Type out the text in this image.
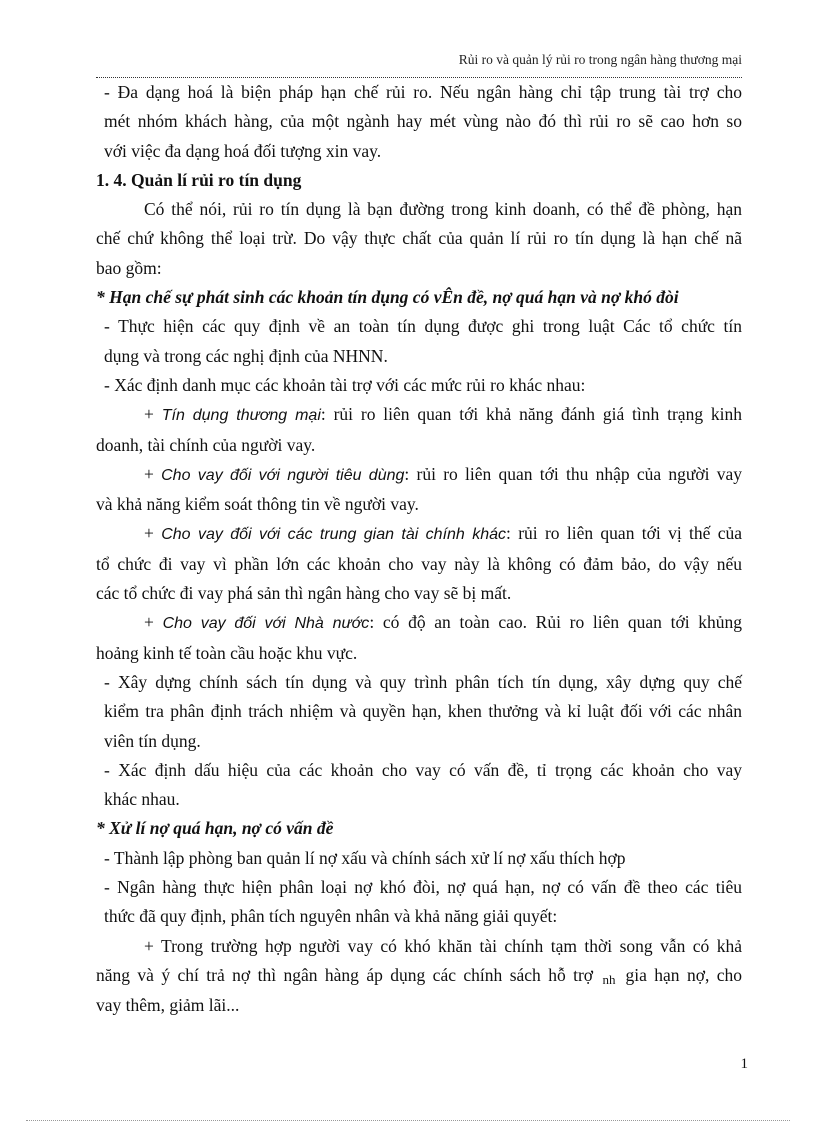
Rủi ro và quản lý rủi ro trong ngân hàng thương mại

- Đa dạng hoá là biện pháp hạn chế rủi ro. Nếu ngân hàng chỉ tập trung tài trợ cho
mét nhóm khách hàng, của một ngành hay mét vùng nào đó thì rủi ro sẽ cao hơn so
với việc đa dạng hoá đối tượng xin vay.

1. 4. Quản lí rủi ro tín dụng

Có thể nói, rủi ro tín dụng là bạn đường trong kinh doanh, có thể đề phòng, hạn
chế chứ không thể loại trừ. Do vậy thực chất của quản lí rủi ro tín dụng là hạn chế nã
bao gồm:

* Hạn chế sự phát sinh các khoản tín dụng có vÊn đề, nợ quá hạn và nợ khó đòi

- Thực hiện các quy định về an toàn tín dụng được ghi trong luật Các tổ chức tín
dụng và trong các nghị định của NHNN.

- Xác định danh mục các khoản tài trợ với các mức rủi ro khác nhau:

+ Tín dụng thương mại: rủi ro liên quan tới khả năng đánh giá tình trạng kinh
doanh, tài chính của người vay.

+ Cho vay đối với người tiêu dùng: rủi ro liên quan tới thu nhập của người vay
và khả năng kiểm soát thông tin về người vay.

+ Cho vay đối với các trung gian tài chính khác: rủi ro liên quan tới vị thế của
tổ chức đi vay vì phần lớn các khoản cho vay này là không có đảm bảo, do vậy nếu
các tổ chức đi vay phá sản thì ngân hàng cho vay sẽ bị mất.

+ Cho vay đối với Nhà nước: có độ an toàn cao. Rủi ro liên quan tới khủng
hoảng kinh tế toàn cầu hoặc khu vực.

- Xây dựng chính sách tín dụng và quy trình phân tích tín dụng, xây dựng quy chế
kiểm tra phân định trách nhiệm và quyền hạn, khen thưởng và kỉ luật đối với các nhân
viên tín dụng.

- Xác định dấu hiệu của các khoản cho vay có vấn đề, tỉ trọng các khoản cho vay
khác nhau.

* Xử lí nợ quá hạn, nợ có vấn đề

- Thành lập phòng ban quản lí nợ xấu và chính sách xử lí nợ xấu thích hợp

- Ngân hàng thực hiện phân loại nợ khó đòi, nợ quá hạn, nợ có vấn đề theo các tiêu
thức đã quy định, phân tích nguyên nhân và khả năng giải quyết:

+ Trong trường hợp người vay có khó khăn tài chính tạm thời song vẫn có khả
năng và ý chí trả nợ thì ngân hàng áp dụng các chính sách hỗ trợ nh gia hạn nợ, cho
vay thêm, giảm lãi...

1
